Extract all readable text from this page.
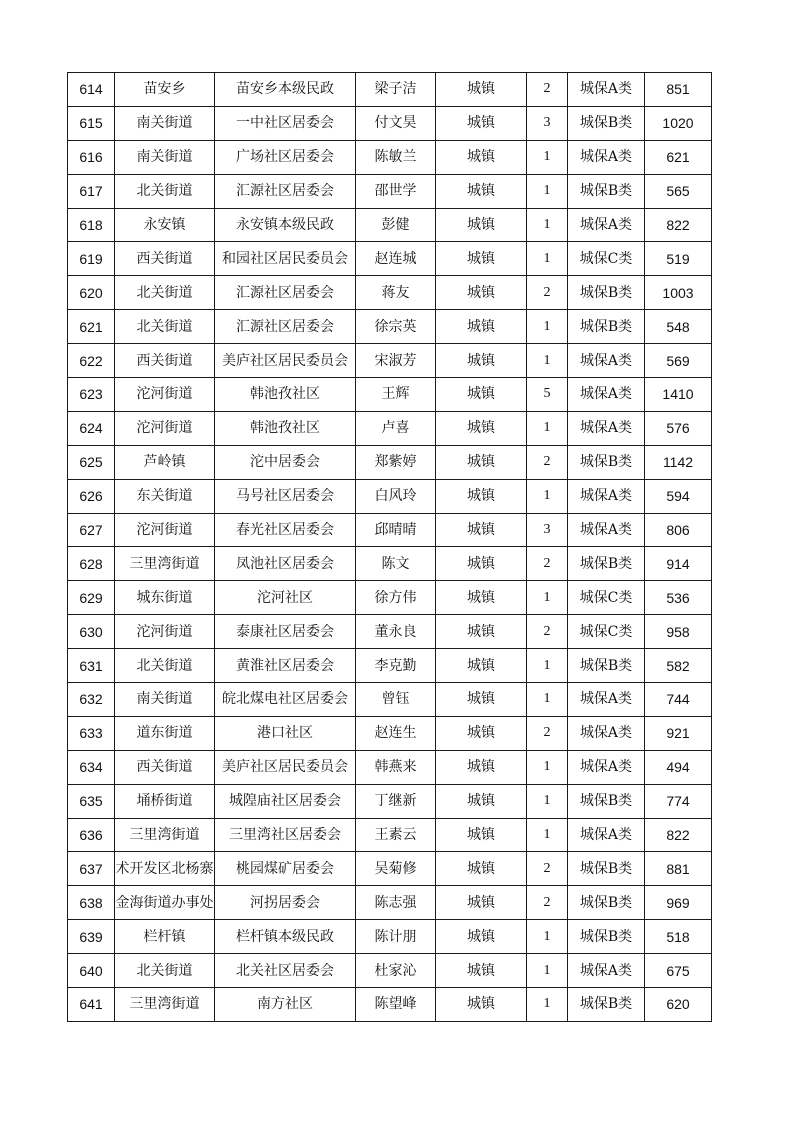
614	苗安乡	苗安乡本级民政	梁子洁	城镇	2	城保A类	851
615	南关街道	一中社区居委会	付文昊	城镇	3	城保B类	1020
616	南关街道	广场社区居委会	陈敏兰	城镇	1	城保A类	621
617	北关街道	汇源社区居委会	邵世学	城镇	1	城保B类	565
618	永安镇	永安镇本级民政	彭健	城镇	1	城保A类	822
619	西关街道	和园社区居民委员会	赵连城	城镇	1	城保C类	519
620	北关街道	汇源社区居委会	蒋友	城镇	2	城保B类	1003
621	北关街道	汇源社区居委会	徐宗英	城镇	1	城保B类	548
622	西关街道	美庐社区居民委员会	宋淑芳	城镇	1	城保A类	569
623	沱河街道	韩池孜社区	王辉	城镇	5	城保A类	1410
624	沱河街道	韩池孜社区	卢喜	城镇	1	城保A类	576
625	芦岭镇	沱中居委会	郑紫婷	城镇	2	城保B类	1142
626	东关街道	马号社区居委会	白风玲	城镇	1	城保A类	594
627	沱河街道	春光社区居委会	邱晴晴	城镇	3	城保A类	806
628	三里湾街道	凤池社区居委会	陈文	城镇	2	城保B类	914
629	城东街道	沱河社区	徐方伟	城镇	1	城保C类	536
630	沱河街道	泰康社区居委会	董永良	城镇	2	城保C类	958
631	北关街道	黄淮社区居委会	李克勤	城镇	1	城保B类	582
632	南关街道	皖北煤电社区居委会	曾钰	城镇	1	城保A类	744
633	道东街道	港口社区	赵连生	城镇	2	城保A类	921
634	西关街道	美庐社区居民委员会	韩燕来	城镇	1	城保A类	494
635	埇桥街道	城隍庙社区居委会	丁继新	城镇	1	城保B类	774
636	三里湾街道	三里湾社区居委会	王素云	城镇	1	城保A类	822
637	术开发区北杨寨	桃园煤矿居委会	吴菊修	城镇	2	城保B类	881
638	金海街道办事处	河拐居委会	陈志强	城镇	2	城保B类	969
639	栏杆镇	栏杆镇本级民政	陈计朋	城镇	1	城保B类	518
640	北关街道	北关社区居委会	杜家沁	城镇	1	城保A类	675
641	三里湾街道	南方社区	陈望峰	城镇	1	城保B类	620
